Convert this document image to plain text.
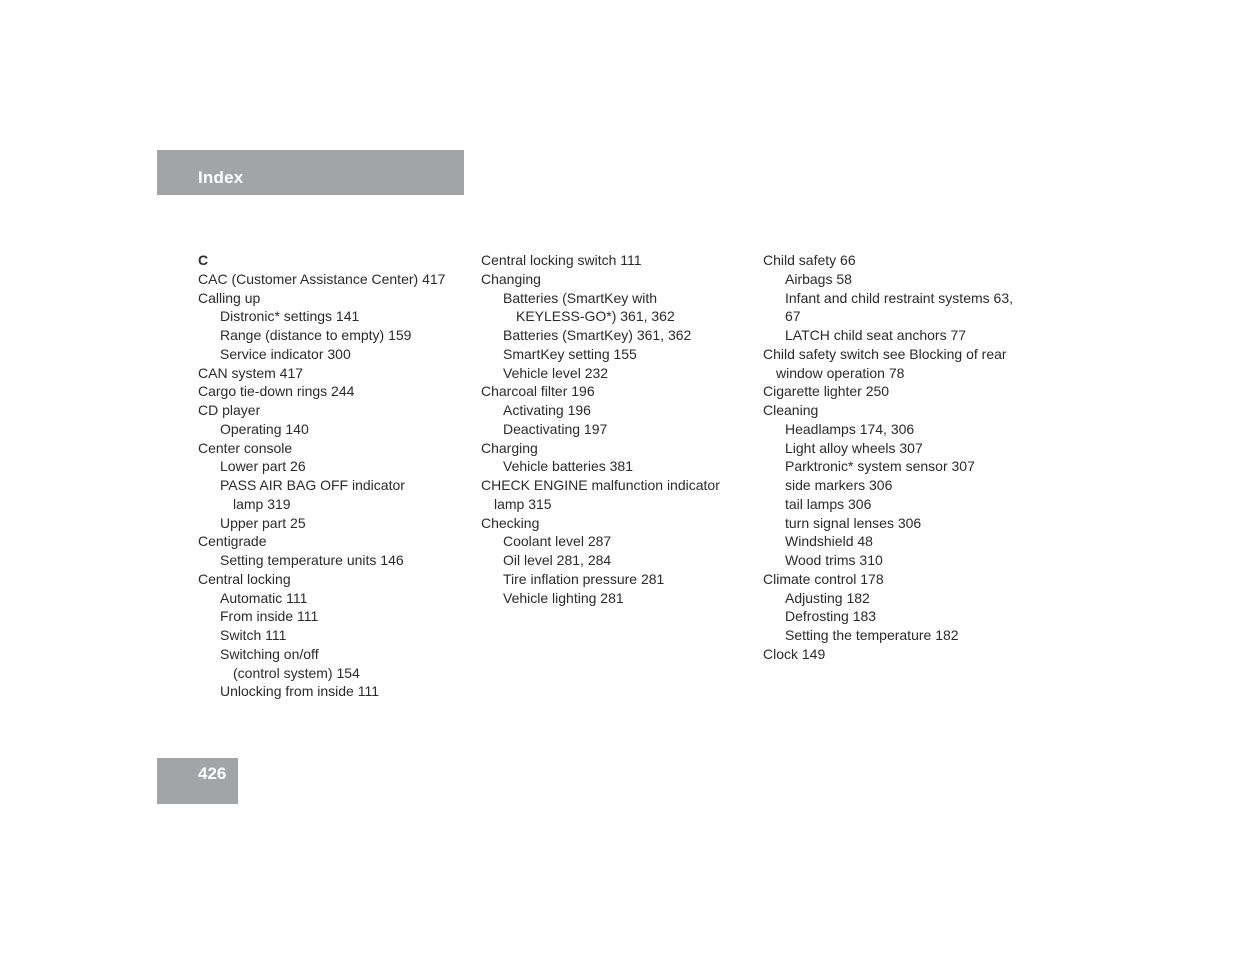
Index
C
CAC (Customer Assistance Center) 417
Calling up
Distronic* settings 141
Range (distance to empty) 159
Service indicator 300
CAN system 417
Cargo tie-down rings 244
CD player
Operating 140
Center console
Lower part 26
PASS AIR BAG OFF indicator
lamp 319
Upper part 25
Centigrade
Setting temperature units 146
Central locking
Automatic 111
From inside 111
Switch 111
Switching on/off
(control system) 154
Unlocking from inside 111
Central locking switch 111
Changing
Batteries (SmartKey with
KEYLESS-GO*) 361, 362
Batteries (SmartKey) 361, 362
SmartKey setting 155
Vehicle level 232
Charcoal filter 196
Activating 196
Deactivating 197
Charging
Vehicle batteries 381
CHECK ENGINE malfunction indicator
lamp 315
Checking
Coolant level 287
Oil level 281, 284
Tire inflation pressure 281
Vehicle lighting 281
Child safety 66
Airbags 58
Infant and child restraint systems 63,
67
LATCH child seat anchors 77
Child safety switch see Blocking of rear
window operation 78
Cigarette lighter 250
Cleaning
Headlamps 174, 306
Light alloy wheels 307
Parktronic* system sensor 307
side markers 306
tail lamps 306
turn signal lenses 306
Windshield 48
Wood trims 310
Climate control 178
Adjusting 182
Defrosting 183
Setting the temperature 182
Clock 149
426
